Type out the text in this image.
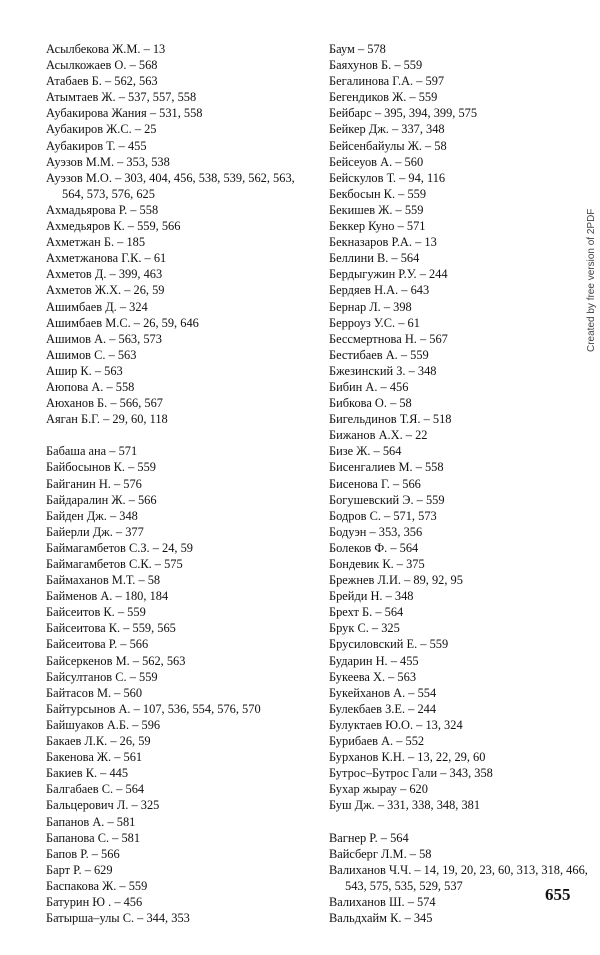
Асылбекова Ж.М. – 13
Асылкожаев О. – 568
Атабаев Б. – 562, 563
Атымтаев Ж. – 537, 557, 558
Аубакирова Жания – 531, 558
Аубакиров Ж.С. – 25
Аубакиров Т. – 455
Ауэзов М.М. – 353, 538
Ауэзов М.О. – 303, 404, 456, 538, 539, 562, 563, 564, 573, 576, 625
Ахмадьярова Р. – 558
Ахмедьяров К. – 559, 566
Ахметжан Б. – 185
Ахметжанова Г.К. – 61
Ахметов Д. – 399, 463
Ахметов Ж.Х. – 26, 59
Ашимбаев Д. – 324
Ашимбаев М.С. – 26, 59, 646
Ашимов А. – 563, 573
Ашимов С. – 563
Ашир К. – 563
Аюпова А. – 558
Аюханов Б. – 566, 567
Аяган Б.Г. – 29, 60, 118
Бабаша ана – 571
Байбосынов К. – 559
Байганин Н. – 576
Байдаралин Ж. – 566
Байден Дж. – 348
Байерли Дж. – 377
Баймагамбетов С.З. – 24, 59
Баймагамбетов С.К. – 575
Баймаханов М.Т. – 58
Байменов А. – 180, 184
Байсеитов К. – 559
Байсеитова К. – 559, 565
Байсеитова Р. – 566
Байсеркенов М. – 562, 563
Байсултанов С. – 559
Байтасов М. – 560
Байтурсынов А. – 107, 536, 554, 576, 570
Байшуаков А.Б. – 596
Бакаев Л.К. – 26, 59
Бакенова Ж. – 561
Бакиев К. – 445
Балгабаев С. – 564
Бальцерович Л. – 325
Бапанов А. – 581
Бапанова С. – 581
Бапов Р. – 566
Барт Р. – 629
Баспакова Ж. – 559
Батурин Ю . – 456
Батырша–улы С. – 344, 353
Баум – 578
Баяхунов Б. – 559
Бегалинова Г.А. – 597
Бегендиков Ж. – 559
Бейбарс – 395, 394, 399, 575
Бейкер Дж. – 337, 348
Бейсенбайулы Ж. – 58
Бейсеуов А. – 560
Бейскулов Т. – 94, 116
Бекбосын К. – 559
Бекишев Ж. – 559
Беккер Куно – 571
Бекназаров Р.А. – 13
Беллини В. – 564
Бердыгужин Р.У. – 244
Бердяев Н.А. – 643
Бернар Л. – 398
Берроуз У.С. – 61
Бессмертнова Н. – 567
Бестибаев А. – 559
Бжезинский З. – 348
Бибин А. – 456
Бибкова О. – 58
Бигельдинов Т.Я. – 518
Бижанов А.Х. – 22
Бизе Ж. – 564
Бисенгалиев М. – 558
Бисенова Г. – 566
Богушевский Э. – 559
Бодров С. – 571, 573
Бодуэн – 353, 356
Болеков Ф. – 564
Бондевик К. – 375
Брежнев Л.И. – 89, 92, 95
Брейди Н. – 348
Брехт Б. – 564
Брук С. – 325
Брусиловский Е. – 559
Бударин Н. – 455
Букеева Х. – 563
Букейханов А. – 554
Булекбаев З.Е. – 244
Булуктаев Ю.О. – 13, 324
Бурибаев А. – 552
Бурханов К.Н. – 13, 22, 29, 60
Бутрос–Бутрос Гали – 343, 358
Бухар жырау – 620
Буш Дж. – 331, 338, 348, 381
Вагнер Р. – 564
Вайсберг Л.М. – 58
Валиханов Ч.Ч. – 14, 19, 20, 23, 60, 313, 318, 466, 543, 575, 535, 529, 537
Валиханов Ш. – 574
Вальдхайм К. – 345
655
Created by free version of 2PDF
